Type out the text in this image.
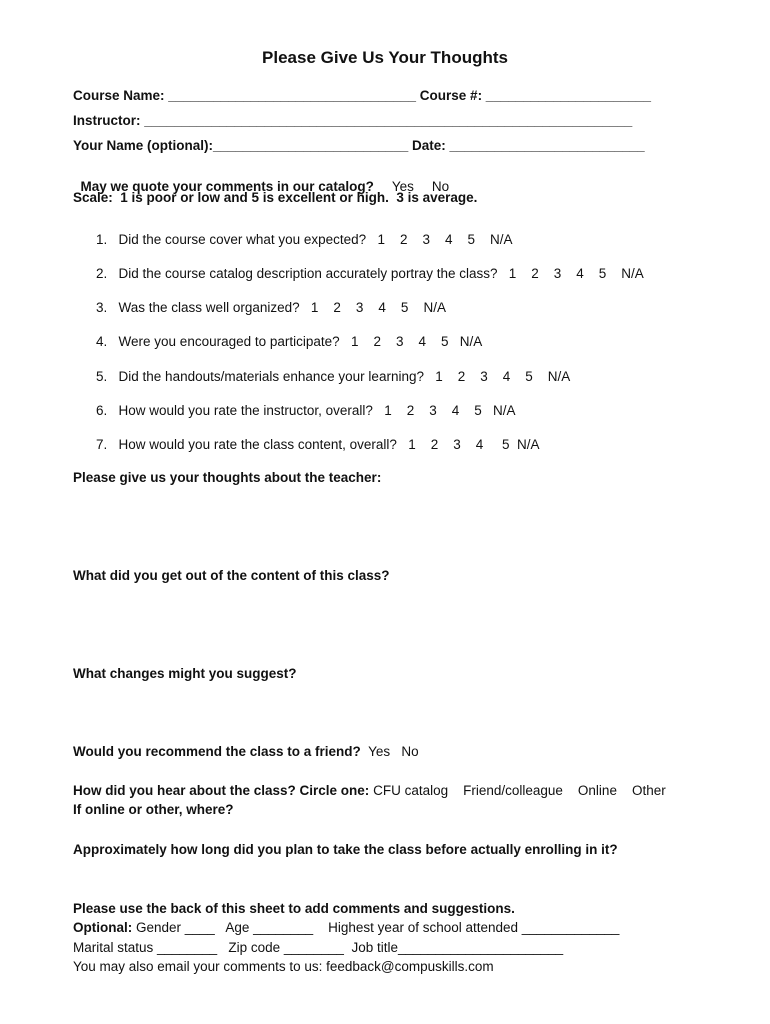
Please Give Us Your Thoughts
Course Name: _________________________________ Course #: ______________________
Instructor: _________________________________________________________________
Your Name (optional):__________________________ Date: __________________________

May we quote your comments in our catalog? Yes No

Scale:  1 is poor or low and 5 is excellent or high.  3 is average.
1. Did the course cover what you expected? 1    2    3    4    5    N/A
2. Did the course catalog description accurately portray the class? 1    2    3    4    5    N/A
3. Was the class well organized? 1    2    3    4    5    N/A
4. Were you encouraged to participate? 1    2    3    4    5   N/A
5. Did the handouts/materials enhance your learning? 1    2    3    4    5    N/A
6. How would you rate the instructor, overall? 1    2    3    4    5   N/A
7. How would you rate the class content, overall? 1    2    3    4     5  N/A
Please give us your thoughts about the teacher:
What did you get out of the content of this class?
What changes might you suggest?
Would you recommend the class to a friend? Yes No
How did you hear about the class? Circle one: CFU catalog    Friend/colleague    Online    Other
If online or other, where?
Approximately how long did you plan to take the class before actually enrolling in it?
Please use the back of this sheet to add comments and suggestions.
Optional: Gender ____   Age ________    Highest year of school attended _____________
Marital status ________   Zip code ________  Job title______________________
You may also email your comments to us: feedback@compuskills.com
